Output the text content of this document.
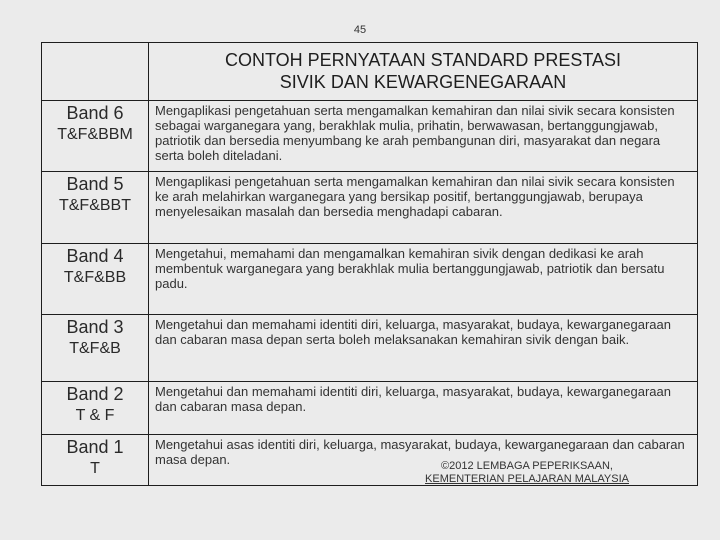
45
	CONTOH PERNYATAAN STANDARD PRESTASI
SIVIK DAN KEWARGENEGARAAN

Band 6
T&F&BBM	Mengaplikasi pengetahuan serta mengamalkan kemahiran dan nilai sivik secara konsisten sebagai warganegara yang, berakhlak mulia, prihatin, berwawasan, bertanggungjawab, patriotik dan bersedia menyumbang ke arah pembangunan diri, masyarakat dan negara serta boleh diteladani.

Band 5
T&F&BBT	Mengaplikasi pengetahuan serta mengamalkan kemahiran dan nilai sivik secara konsisten ke arah melahirkan warganegara yang bersikap positif, bertanggungjawab, berupaya menyelesaikan masalah dan bersedia menghadapi cabaran.

Band 4
T&F&BB	Mengetahui, memahami dan mengamalkan kemahiran sivik dengan dedikasi ke arah membentuk warganegara yang berakhlak mulia bertanggungjawab, patriotik dan bersatu padu.

Band 3
T&F&B	Mengetahui dan memahami identiti diri, keluarga, masyarakat, budaya, kewarganegaraan dan cabaran masa depan serta boleh melaksanakan kemahiran sivik dengan baik.

Band 2
T & F	Mengetahui dan memahami identiti diri, keluarga, masyarakat, budaya, kewarganegaraan dan cabaran masa depan.

Band 1
T	Mengetahui asas identiti diri, keluarga, masyarakat, budaya, kewarganegaraan dan cabaran masa depan.	©2012 LEMBAGA PEPERIKSAAN,
KEMENTERIAN PELAJARAN MALAYSIA
